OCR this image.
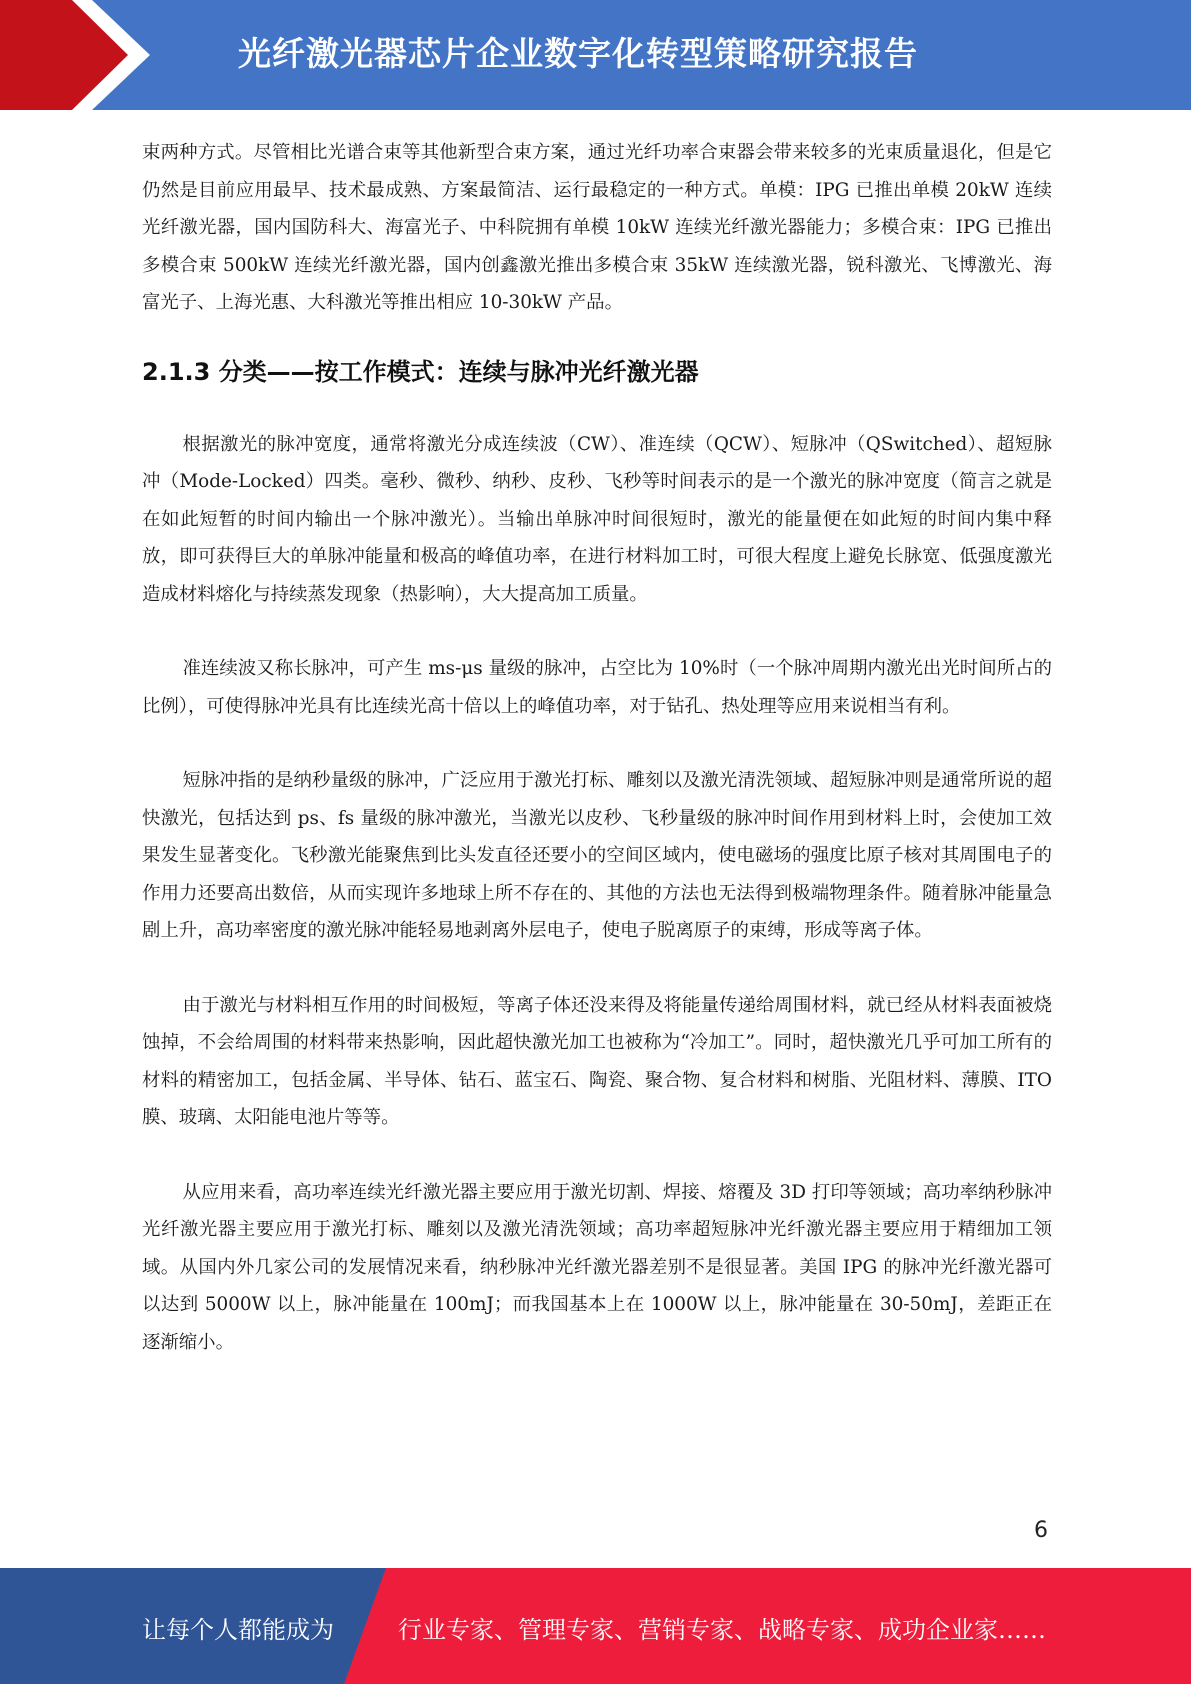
光纤激光器芯片企业数字化转型策略研究报告

束两种方式。尽管相比光谱合束等其他新型合束方案，通过光纤功率合束器会带来较多的光束质量退化，但是它仍然是目前应用最早、技术最成熟、方案最简洁、运行最稳定的一种方式。单模：IPG 已推出单模 20kW 连续光纤激光器，国内国防科大、海富光子、中科院拥有单模 10kW 连续光纤激光器能力；多模合束：IPG 已推出多模合束 500kW 连续光纤激光器，国内创鑫激光推出多模合束 35kW 连续激光器，锐科激光、飞博激光、海富光子、上海光惠、大科激光等推出相应 10-30kW 产品。

2.1.3 分类——按工作模式：连续与脉冲光纤激光器

根据激光的脉冲宽度，通常将激光分成连续波（CW）、准连续（QCW）、短脉冲（QSwitched）、超短脉冲（Mode-Locked）四类。毫秒、微秒、纳秒、皮秒、飞秒等时间表示的是一个激光的脉冲宽度（简言之就是在如此短暂的时间内输出一个脉冲激光）。当输出单脉冲时间很短时，激光的能量便在如此短的时间内集中释放，即可获得巨大的单脉冲能量和极高的峰值功率，在进行材料加工时，可很大程度上避免长脉宽、低强度激光造成材料熔化与持续蒸发现象（热影响），大大提高加工质量。

准连续波又称长脉冲，可产生 ms-μs 量级的脉冲，占空比为 10%时（一个脉冲周期内激光出光时间所占的比例），可使得脉冲光具有比连续光高十倍以上的峰值功率，对于钻孔、热处理等应用来说相当有利。

短脉冲指的是纳秒量级的脉冲，广泛应用于激光打标、雕刻以及激光清洗领域、超短脉冲则是通常所说的超快激光，包括达到 ps、fs 量级的脉冲激光，当激光以皮秒、飞秒量级的脉冲时间作用到材料上时，会使加工效果发生显著变化。飞秒激光能聚焦到比头发直径还要小的空间区域内，使电磁场的强度比原子核对其周围电子的作用力还要高出数倍，从而实现许多地球上所不存在的、其他的方法也无法得到极端物理条件。随着脉冲能量急剧上升，高功率密度的激光脉冲能轻易地剥离外层电子，使电子脱离原子的束缚，形成等离子体。

由于激光与材料相互作用的时间极短，等离子体还没来得及将能量传递给周围材料，就已经从材料表面被烧蚀掉，不会给周围的材料带来热影响，因此超快激光加工也被称为“冷加工”。同时，超快激光几乎可加工所有的材料的精密加工，包括金属、半导体、钻石、蓝宝石、陶瓷、聚合物、复合材料和树脂、光阻材料、薄膜、ITO 膜、玻璃、太阳能电池片等等。

从应用来看，高功率连续光纤激光器主要应用于激光切割、焊接、熔覆及 3D 打印等领域；高功率纳秒脉冲光纤激光器主要应用于激光打标、雕刻以及激光清洗领域；高功率超短脉冲光纤激光器主要应用于精细加工领域。从国内外几家公司的发展情况来看，纳秒脉冲光纤激光器差别不是很显著。美国 IPG 的脉冲光纤激光器可以达到 5000W 以上，脉冲能量在 100mJ；而我国基本上在 1000W 以上，脉冲能量在 30-50mJ，差距正在逐渐缩小。

6
让每个人都能成为	行业专家、管理专家、营销专家、战略专家、成功企业家……
